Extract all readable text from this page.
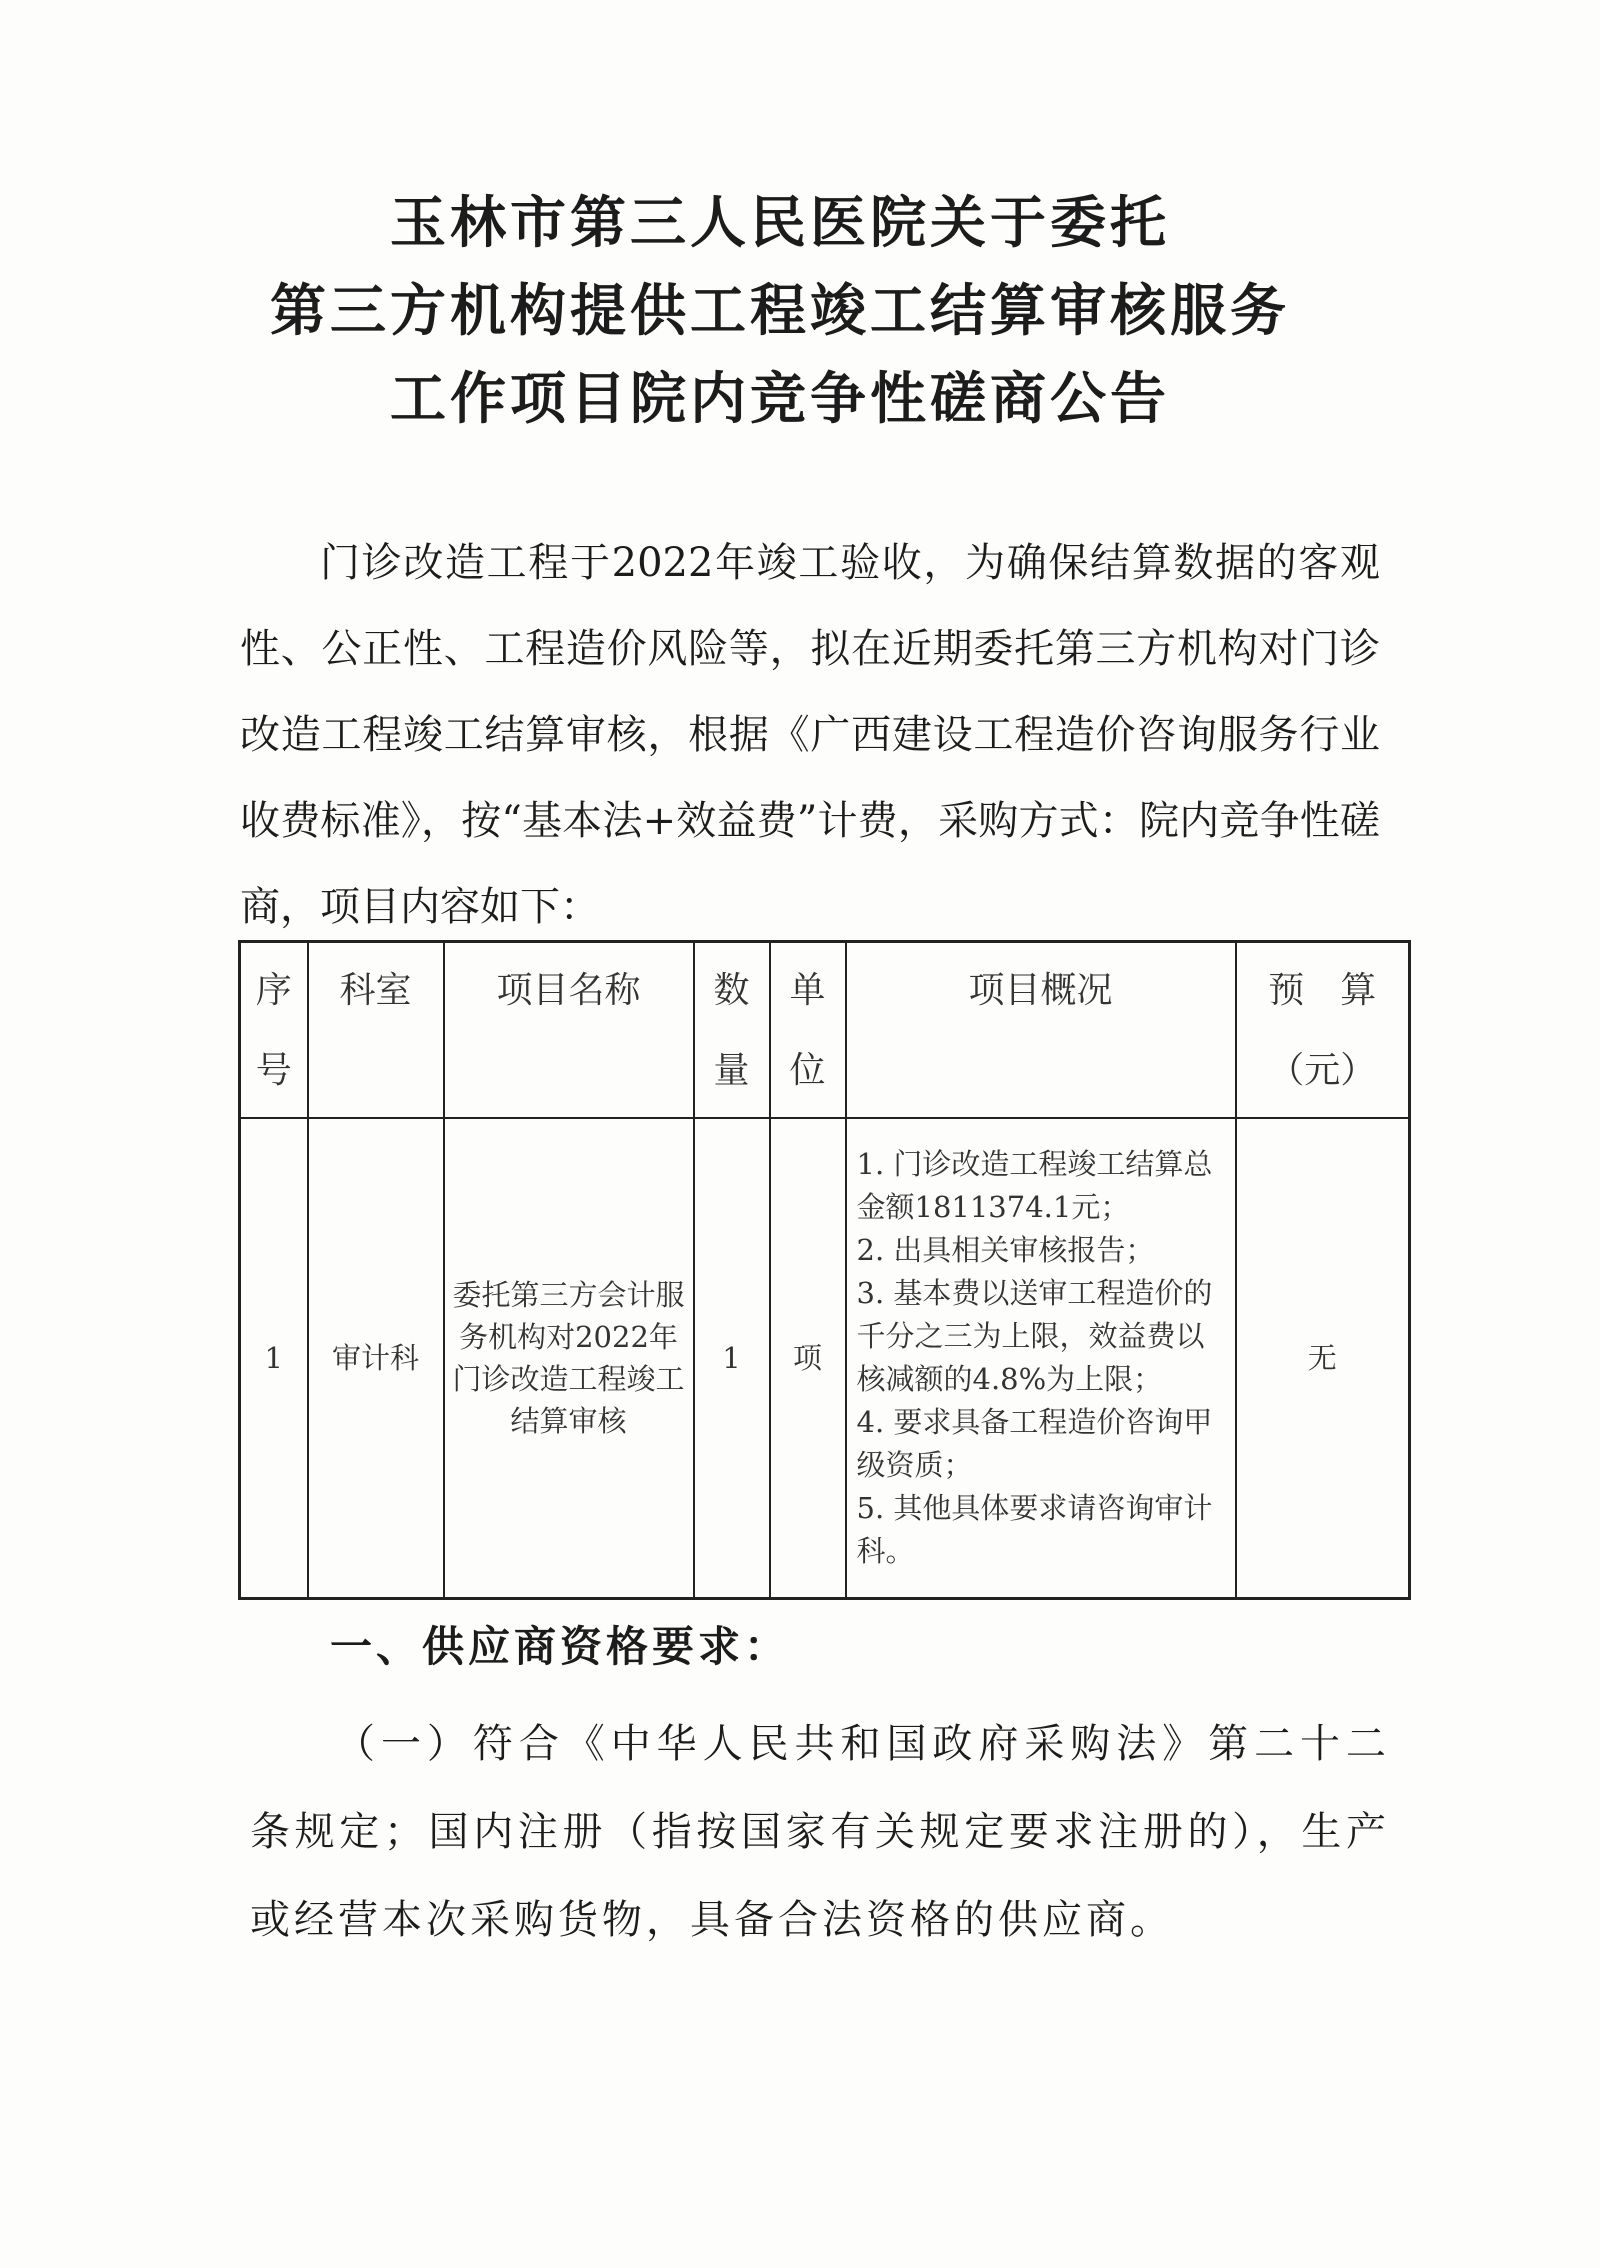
玉林市第三人民医院关于委托
第三方机构提供工程竣工结算审核服务
工作项目院内竞争性磋商公告

门诊改造工程于2022年竣工验收，为确保结算数据的客观性、公正性、工程造价风险等，拟在近期委托第三方机构对门诊改造工程竣工结算审核，根据《广西建设工程造价咨询服务行业收费标准》，按“基本法+效益费”计费，采购方式：院内竞争性磋商，项目内容如下：

序
号	科室	项目名称	数
量	单
位	项目概况	预　算
（元）

1	审计科	委托第三方会计服务机构对2022年门诊改造工程竣工结算审核	1	项	1. 门诊改造工程竣工结算总金额1811374.1元；
2. 出具相关审核报告；
3. 基本费以送审工程造价的千分之三为上限，效益费以核减额的4.8%为上限；
4. 要求具备工程造价咨询甲级资质；
5. 其他具体要求请咨询审计科。	无
一、供应商资格要求：

（一）符合《中华人民共和国政府采购法》第二十二条规定；国内注册（指按国家有关规定要求注册的），生产或经营本次采购货物，具备合法资格的供应商。
